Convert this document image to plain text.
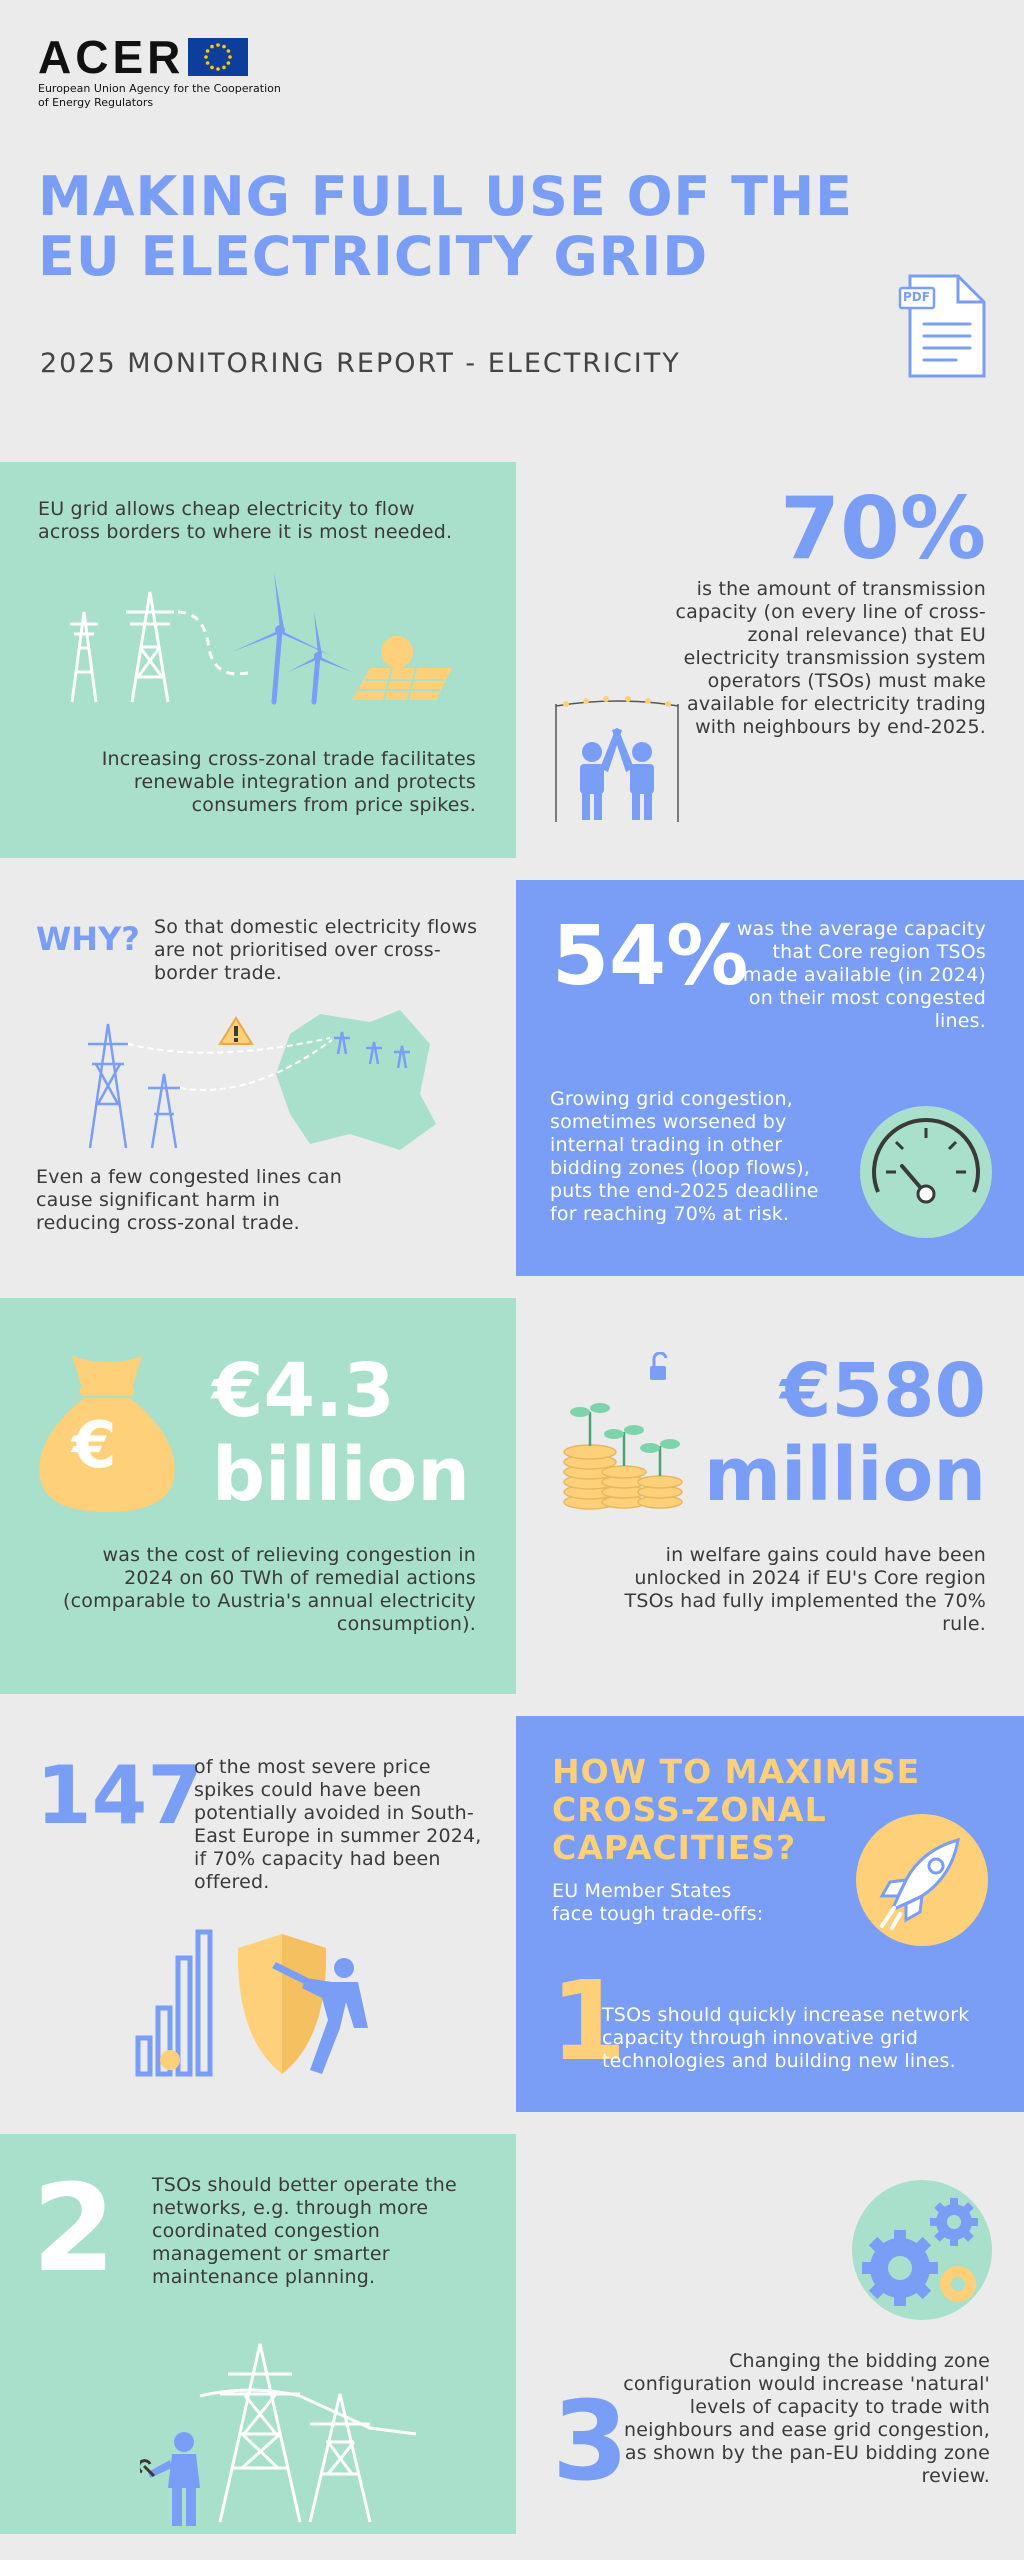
ACER
European Union Agency for the Cooperation
of Energy Regulators
MAKING FULL USE OF THE
EU ELECTRICITY GRID
2025 MONITORING REPORT - ELECTRICITY
PDF
EU grid allows cheap electricity to flow across borders to where it is most needed.
Increasing cross-zonal trade facilitates renewable integration and protects consumers from price spikes.
70%
is the amount of transmission capacity (on every line of cross-zonal relevance) that EU electricity transmission system operators (TSOs) must make available for electricity trading with neighbours by end-2025.
WHY? So that domestic electricity flows are not prioritised over cross-border trade.
Even a few congested lines can cause significant harm in reducing cross-zonal trade.
54%
was the average capacity that Core region TSOs made available (in 2024) on their most congested lines.
Growing grid congestion, sometimes worsened by internal trading in other bidding zones (loop flows), puts the end-2025 deadline for reaching 70% at risk.
€
€4.3
billion
was the cost of relieving congestion in 2024 on 60 TWh of remedial actions (comparable to Austria's annual electricity consumption).
€580
million
in welfare gains could have been unlocked in 2024 if EU's Core region TSOs had fully implemented the 70% rule.
147
of the most severe price spikes could have been potentially avoided in South-East Europe in summer 2024, if 70% capacity had been offered.
HOW TO MAXIMISE
CROSS-ZONAL
CAPACITIES?
EU Member States face tough trade-offs:
1
TSOs should quickly increase network capacity through innovative grid technologies and building new lines.
2 TSOs should better operate the networks, e.g. through more coordinated congestion management or smarter maintenance planning.
Changing the bidding zone configuration would increase 'natural' levels of capacity to trade with neighbours and ease grid congestion, as shown by the pan-EU bidding zone review.
3
